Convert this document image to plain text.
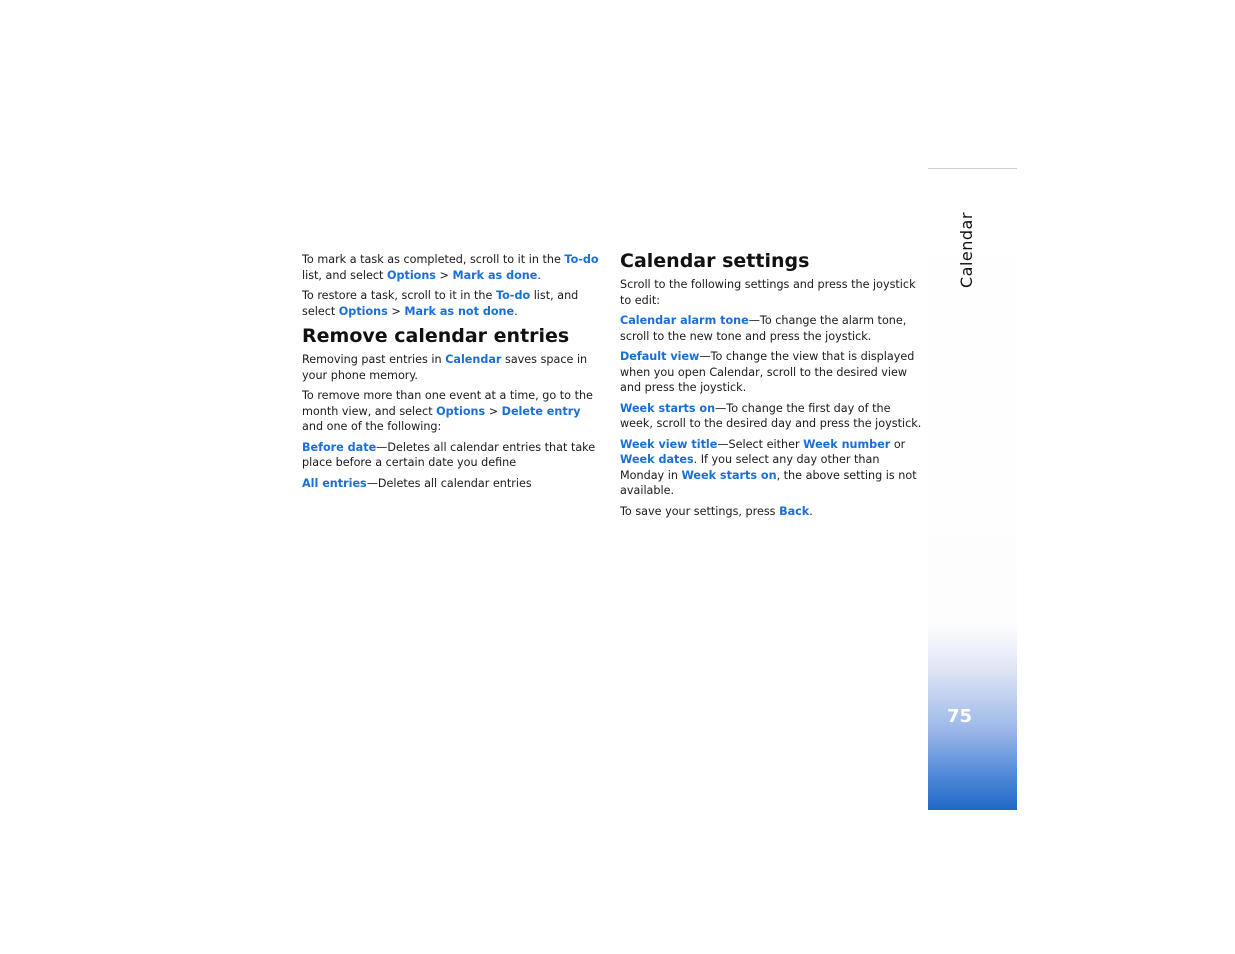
To mark a task as completed, scroll to it in the To-do list, and select Options > Mark as done.

To restore a task, scroll to it in the To-do list, and select Options > Mark as not done.

Remove calendar entries

Removing past entries in Calendar saves space in your phone memory.

To remove more than one event at a time, go to the month view, and select Options > Delete entry and one of the following:

Before date—Deletes all calendar entries that take place before a certain date you define

All entries—Deletes all calendar entries

Calendar settings

Scroll to the following settings and press the joystick to edit:

Calendar alarm tone—To change the alarm tone, scroll to the new tone and press the joystick.

Default view—To change the view that is displayed when you open Calendar, scroll to the desired view and press the joystick.

Week starts on—To change the first day of the week, scroll to the desired day and press the joystick.

Week view title—Select either Week number or Week dates. If you select any day other than Monday in Week starts on, the above setting is not available.

To save your settings, press Back.

Calendar
75
